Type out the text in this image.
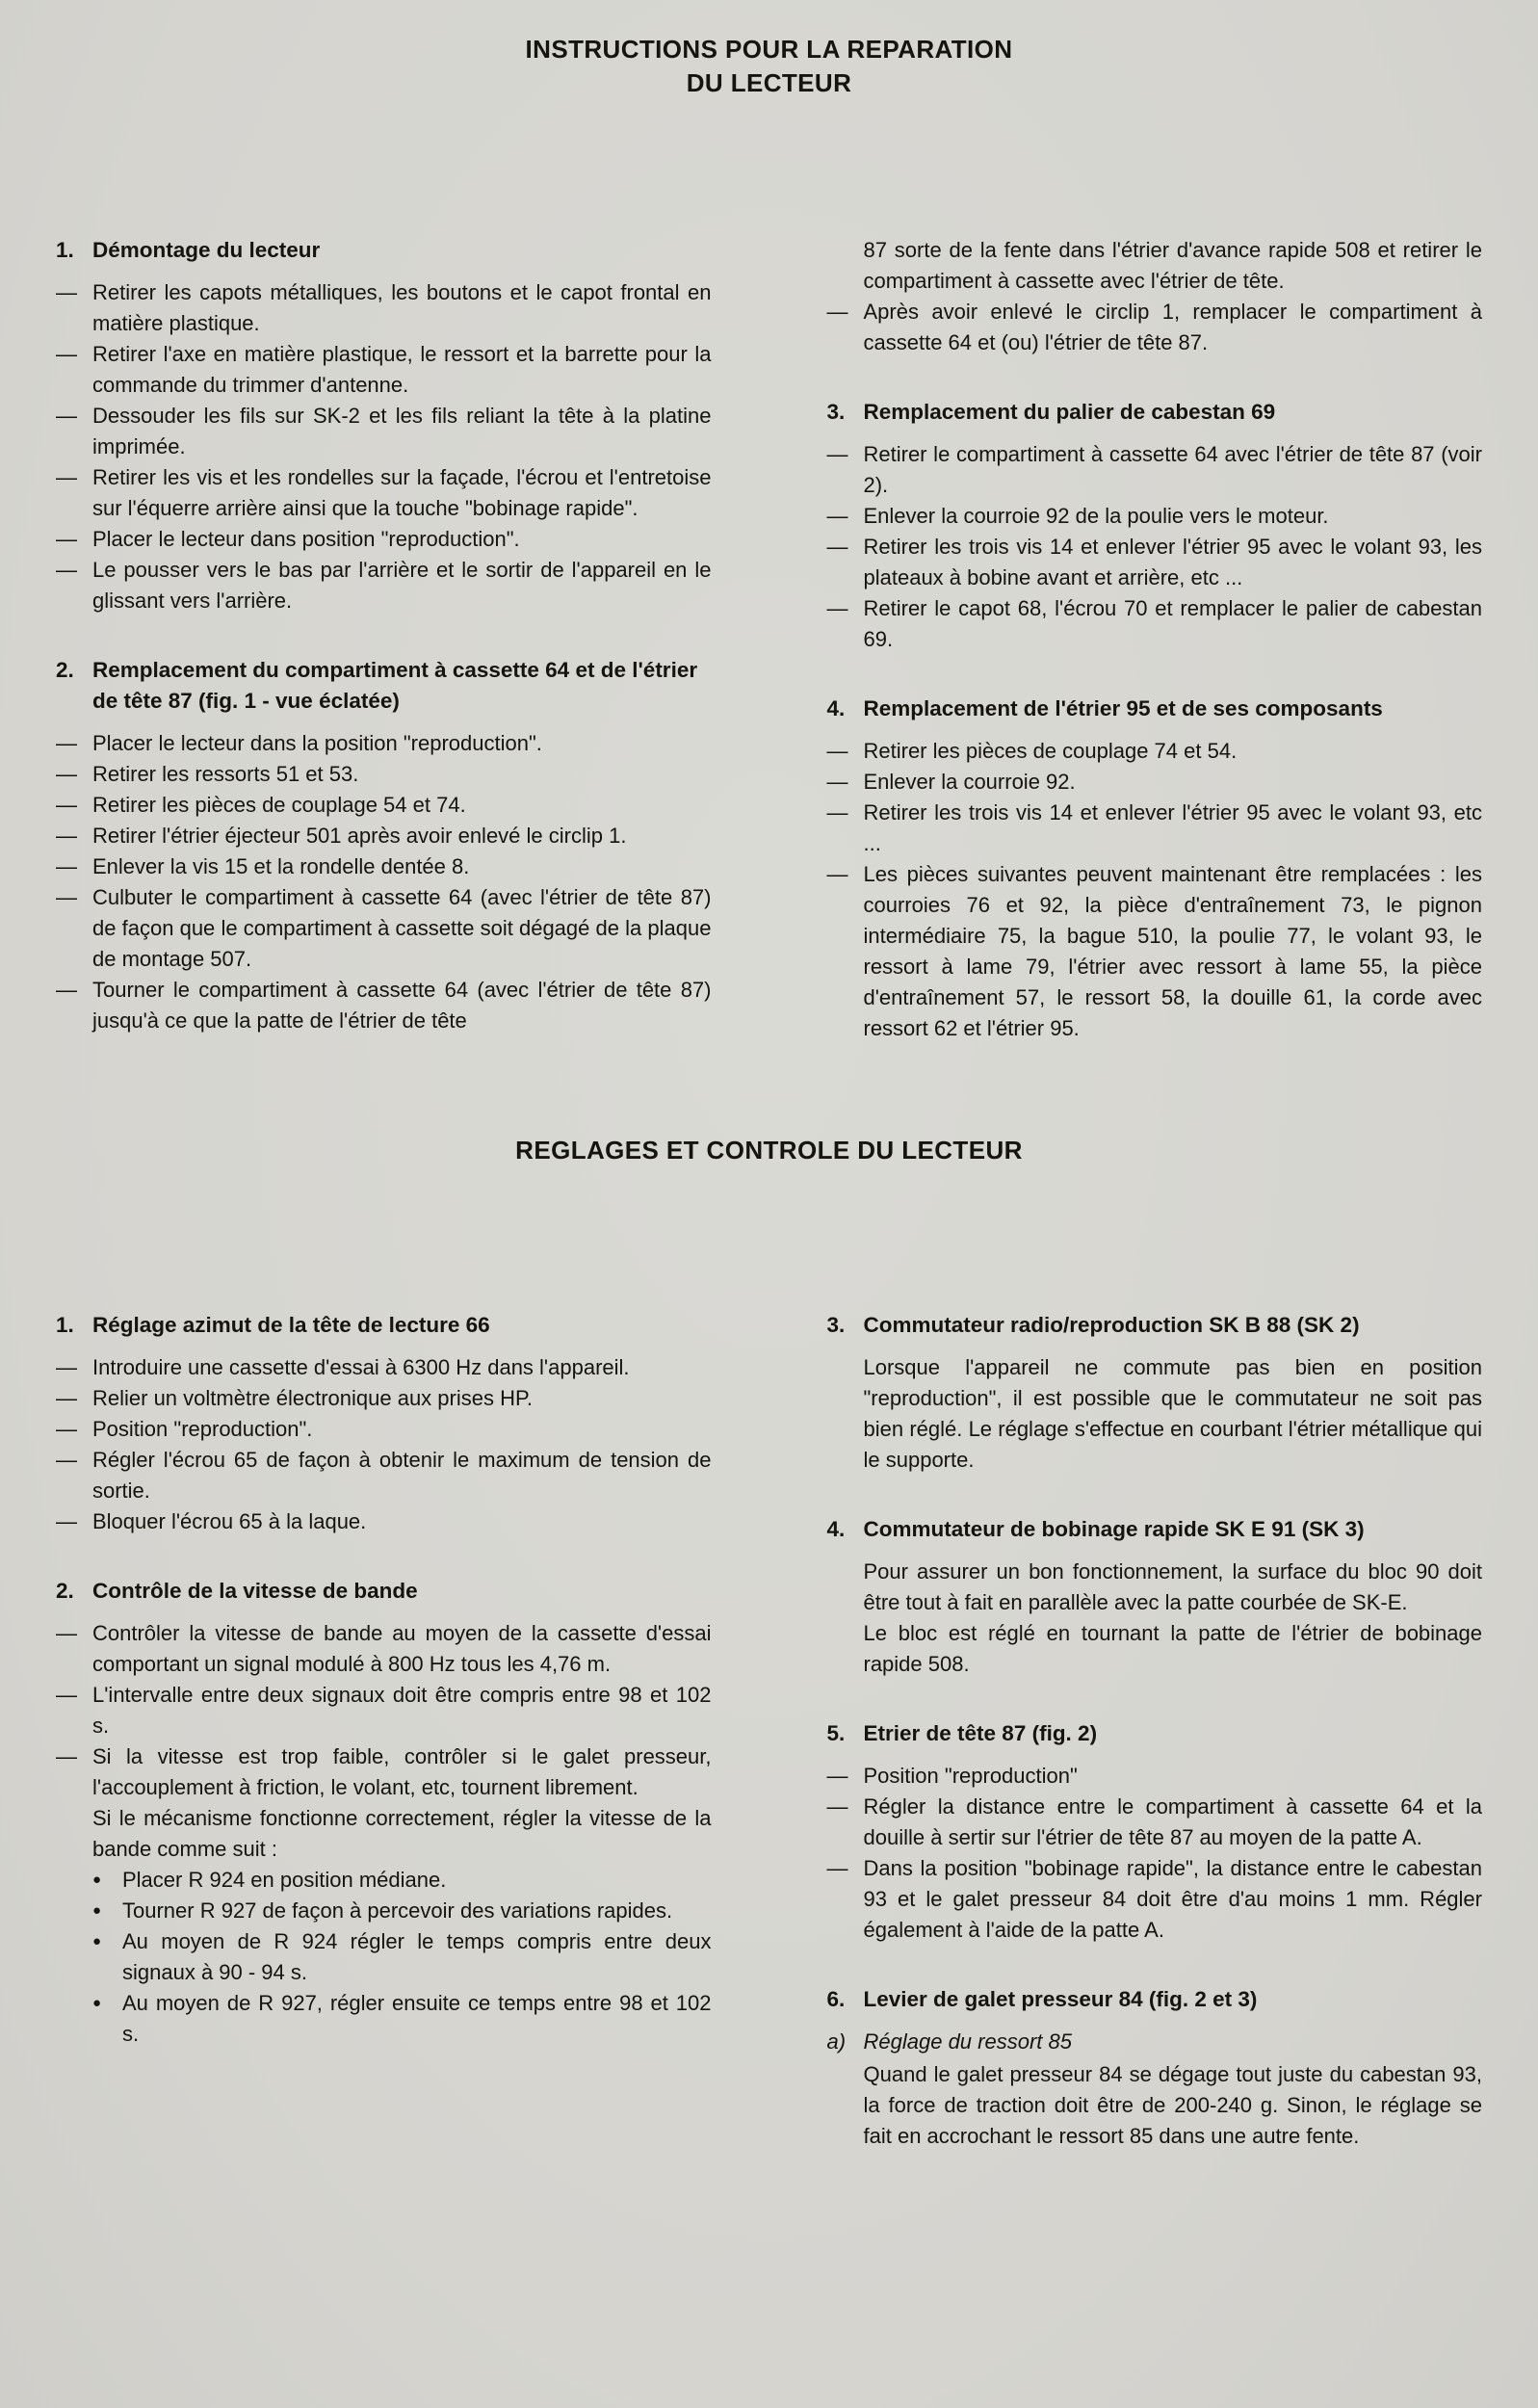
INSTRUCTIONS POUR LA REPARATION
DU LECTEUR
1. Démontage du lecteur
— Retirer les capots métalliques, les boutons et le capot frontal en matière plastique.
— Retirer l'axe en matière plastique, le ressort et la barrette pour la commande du trimmer d'antenne.
— Dessouder les fils sur SK-2 et les fils reliant la tête à la platine imprimée.
— Retirer les vis et les rondelles sur la façade, l'écrou et l'entretoise sur l'équerre arrière ainsi que la touche "bobinage rapide".
— Placer le lecteur dans position "reproduction".
— Le pousser vers le bas par l'arrière et le sortir de l'appareil en le glissant vers l'arrière.
2. Remplacement du compartiment à cassette 64 et de l'étrier de tête 87 (fig. 1 - vue éclatée)
— Placer le lecteur dans la position "reproduction".
— Retirer les ressorts 51 et 53.
— Retirer les pièces de couplage 54 et 74.
— Retirer l'étrier éjecteur 501 après avoir enlevé le circlip 1.
— Enlever la vis 15 et la rondelle dentée 8.
— Culbuter le compartiment à cassette 64 (avec l'étrier de tête 87) de façon que le compartiment à cassette soit dégagé de la plaque de montage 507.
— Tourner le compartiment à cassette 64 (avec l'étrier de tête 87) jusqu'à ce que la patte de l'étrier de tête
87 sorte de la fente dans l'étrier d'avance rapide 508 et retirer le compartiment à cassette avec l'étrier de tête.
— Après avoir enlevé le circlip 1, remplacer le compartiment à cassette 64 et (ou) l'étrier de tête 87.
3. Remplacement du palier de cabestan 69
— Retirer le compartiment à cassette 64 avec l'étrier de tête 87 (voir 2).
— Enlever la courroie 92 de la poulie vers le moteur.
— Retirer les trois vis 14 et enlever l'étrier 95 avec le volant 93, les plateaux à bobine avant et arrière, etc ...
— Retirer le capot 68, l'écrou 70 et remplacer le palier de cabestan 69.
4. Remplacement de l'étrier 95 et de ses composants
— Retirer les pièces de couplage 74 et 54.
— Enlever la courroie 92.
— Retirer les trois vis 14 et enlever l'étrier 95 avec le volant 93, etc ...
— Les pièces suivantes peuvent maintenant être remplacées : les courroies 76 et 92, la pièce d'entraînement 73, le pignon intermédiaire 75, la bague 510, la poulie 77, le volant 93, le ressort à lame 79, l'étrier avec ressort à lame 55, la pièce d'entraînement 57, le ressort 58, la douille 61, la corde avec ressort 62 et l'étrier 95.
REGLAGES ET CONTROLE DU LECTEUR
1. Réglage azimut de la tête de lecture 66
— Introduire une cassette d'essai à 6300 Hz dans l'appareil.
— Relier un voltmètre électronique aux prises HP.
— Position "reproduction".
— Régler l'écrou 65 de façon à obtenir le maximum de tension de sortie.
— Bloquer l'écrou 65 à la laque.
2. Contrôle de la vitesse de bande
— Contrôler la vitesse de bande au moyen de la cassette d'essai comportant un signal modulé à 800 Hz tous les 4,76 m.
— L'intervalle entre deux signaux doit être compris entre 98 et 102 s.
— Si la vitesse est trop faible, contrôler si le galet presseur, l'accouplement à friction, le volant, etc, tournent librement.
Si le mécanisme fonctionne correctement, régler la vitesse de la bande comme suit :
● Placer R 924 en position médiane.
● Tourner R 927 de façon à percevoir des variations rapides.
● Au moyen de R 924 régler le temps compris entre deux signaux à 90 - 94 s.
● Au moyen de R 927, régler ensuite ce temps entre 98 et 102 s.
3. Commutateur radio/reproduction SK B 88 (SK 2)
Lorsque l'appareil ne commute pas bien en position "reproduction", il est possible que le commutateur ne soit pas bien réglé. Le réglage s'effectue en courbant l'étrier métallique qui le supporte.
4. Commutateur de bobinage rapide SK E 91 (SK 3)
Pour assurer un bon fonctionnement, la surface du bloc 90 doit être tout à fait en parallèle avec la patte courbée de SK-E.
Le bloc est réglé en tournant la patte de l'étrier de bobinage rapide 508.
5. Etrier de tête 87 (fig. 2)
— Position "reproduction"
— Régler la distance entre le compartiment à cassette 64 et la douille à sertir sur l'étrier de tête 87 au moyen de la patte A.
— Dans la position "bobinage rapide", la distance entre le cabestan 93 et le galet presseur 84 doit être d'au moins 1 mm. Régler également à l'aide de la patte A.
6. Levier de galet presseur 84 (fig. 2 et 3)
a) Réglage du ressort 85
Quand le galet presseur 84 se dégage tout juste du cabestan 93, la force de traction doit être de 200-240 g. Sinon, le réglage se fait en accrochant le ressort 85 dans une autre fente.
